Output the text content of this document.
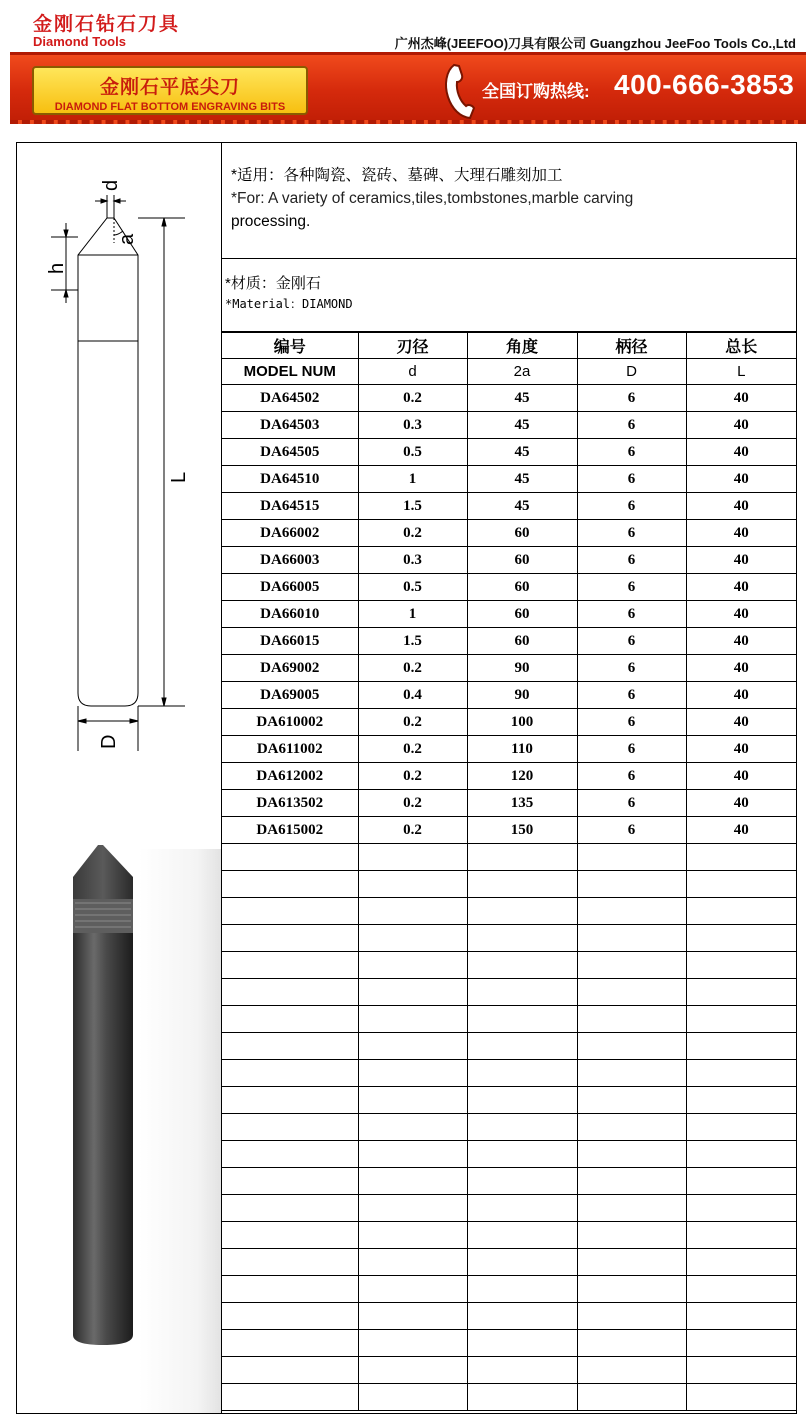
金刚石钻石刀具
Diamond Tools	广州杰峰(JEEFOO)刀具有限公司 Guangzhou JeeFoo Tools Co.,Ltd
金刚石平底尖刀
DIAMOND FLAT BOTTOM ENGRAVING BITS
全国订购热线: 400-666-3853
d
a
h
L
D
*适用：各种陶瓷、瓷砖、墓碑、大理石雕刻加工
*For: A variety of ceramics,tiles,tombstones,marble carving
processing.
*材质：金刚石
*Material：DIAMOND
编号	刃径	角度	柄径	总长
MODEL NUM	d	2a	D	L
DA64502	0.2	45	6	40
DA64503	0.3	45	6	40
DA64505	0.5	45	6	40
DA64510	1	45	6	40
DA64515	1.5	45	6	40
DA66002	0.2	60	6	40
DA66003	0.3	60	6	40
DA66005	0.5	60	6	40
DA66010	1	60	6	40
DA66015	1.5	60	6	40
DA69002	0.2	90	6	40
DA69005	0.4	90	6	40
DA610002	0.2	100	6	40
DA611002	0.2	110	6	40
DA612002	0.2	120	6	40
DA613502	0.2	135	6	40
DA615002	0.2	150	6	40
